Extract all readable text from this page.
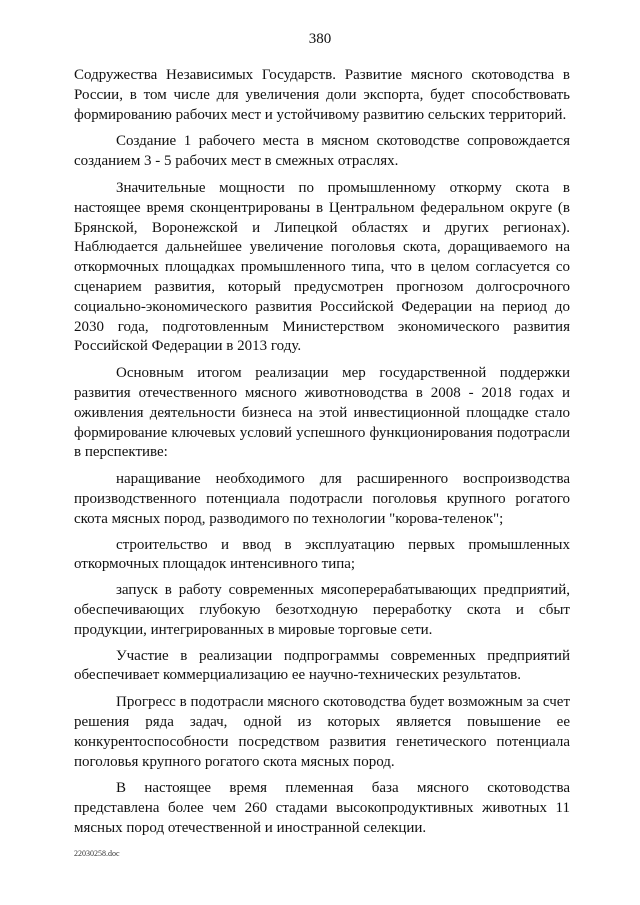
380

Содружества Независимых Государств. Развитие мясного скотоводства в России, в том числе для увеличения доли экспорта, будет способствовать формированию рабочих мест и устойчивому развитию сельских территорий.

Создание 1 рабочего места в мясном скотоводстве сопровождается созданием 3 - 5 рабочих мест в смежных отраслях.

Значительные мощности по промышленному откорму скота в настоящее время сконцентрированы в Центральном федеральном округе (в Брянской, Воронежской и Липецкой областях и других регионах). Наблюдается дальнейшее увеличение поголовья скота, доращиваемого на откормочных площадках промышленного типа, что в целом согласуется со сценарием развития, который предусмотрен прогнозом долгосрочного социально-экономического развития Российской Федерации на период до 2030 года, подготовленным Министерством экономического развития Российской Федерации в 2013 году.

Основным итогом реализации мер государственной поддержки развития отечественного мясного животноводства в 2008 - 2018 годах и оживления деятельности бизнеса на этой инвестиционной площадке стало формирование ключевых условий успешного функционирования подотрасли в перспективе:

наращивание необходимого для расширенного воспроизводства производственного потенциала подотрасли поголовья крупного рогатого скота мясных пород, разводимого по технологии "корова-теленок";

строительство и ввод в эксплуатацию первых промышленных откормочных площадок интенсивного типа;

запуск в работу современных мясоперерабатывающих предприятий, обеспечивающих глубокую безотходную переработку скота и сбыт продукции, интегрированных в мировые торговые сети.

Участие в реализации подпрограммы современных предприятий обеспечивает коммерциализацию ее научно-технических результатов.

Прогресс в подотрасли мясного скотоводства будет возможным за счет решения ряда задач, одной из которых является повышение ее конкурентоспособности посредством развития генетического потенциала поголовья крупного рогатого скота мясных пород.

В настоящее время племенная база мясного скотоводства представлена более чем 260 стадами высокопродуктивных животных 11 мясных пород отечественной и иностранной селекции.

22030258.doc
